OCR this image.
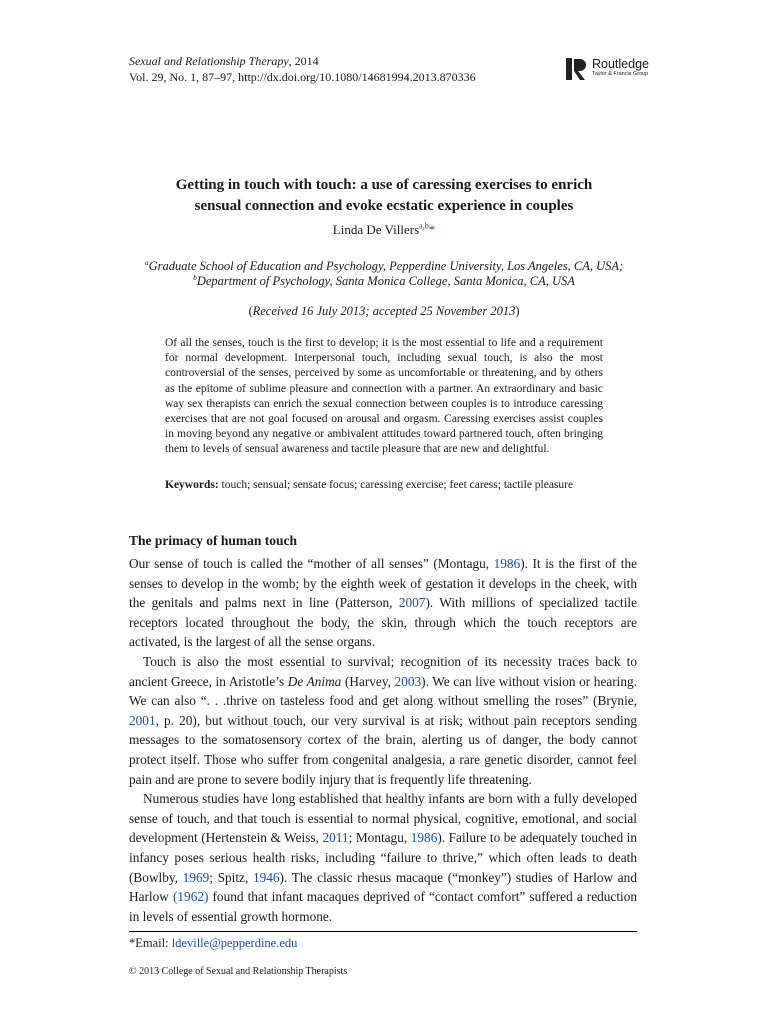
Sexual and Relationship Therapy, 2014
Vol. 29, No. 1, 87–97, http://dx.doi.org/10.1080/14681994.2013.870336
Routledge
Taylor & Francis Group
Getting in touch with touch: a use of caressing exercises to enrich
sensual connection and evoke ecstatic experience in couples
Linda De Villers$^{a,b}$*
$^a$Graduate School of Education and Psychology, Pepperdine University, Los Angeles, CA, USA;
$^b$Department of Psychology, Santa Monica College, Santa Monica, CA, USA
(Received 16 July 2013; accepted 25 November 2013)
Of all the senses, touch is the first to develop; it is the most essential to life and a requirement for normal development. Interpersonal touch, including sexual touch, is also the most controversial of the senses, perceived by some as uncomfortable or threatening, and by others as the epitome of sublime pleasure and connection with a partner. An extraordinary and basic way sex therapists can enrich the sexual connection between couples is to introduce caressing exercises that are not goal focused on arousal and orgasm. Caressing exercises assist couples in moving beyond any negative or ambivalent attitudes toward partnered touch, often bringing them to levels of sensual awareness and tactile pleasure that are new and delightful.
Keywords: touch; sensual; sensate focus; caressing exercise; feet caress; tactile pleasure
The primacy of human touch

Our sense of touch is called the “mother of all senses” (Montagu, 1986). It is the first of the senses to develop in the womb; by the eighth week of gestation it develops in the cheek, with the genitals and palms next in line (Patterson, 2007). With millions of specialized tactile receptors located throughout the body, the skin, through which the touch receptors are activated, is the largest of all the sense organs.

Touch is also the most essential to survival; recognition of its necessity traces back to ancient Greece, in Aristotle’s De Anima (Harvey, 2003). We can live without vision or hearing. We can also “. . .thrive on tasteless food and get along without smelling the roses” (Brynie, 2001, p. 20), but without touch, our very survival is at risk; without pain receptors sending messages to the somatosensory cortex of the brain, alerting us of danger, the body cannot protect itself. Those who suffer from congenital analgesia, a rare genetic disorder, cannot feel pain and are prone to severe bodily injury that is frequently life threatening.

Numerous studies have long established that healthy infants are born with a fully developed sense of touch, and that touch is essential to normal physical, cognitive, emotional, and social development (Hertenstein & Weiss, 2011; Montagu, 1986). Failure to be adequately touched in infancy poses serious health risks, including “failure to thrive,” which often leads to death (Bowlby, 1969; Spitz, 1946). The classic rhesus macaque (“monkey”) studies of Harlow and Harlow (1962) found that infant macaques deprived of “contact comfort” suffered a reduction in levels of essential growth hormone.

*Email: ldeville@pepperdine.edu
© 2013 College of Sexual and Relationship Therapists
